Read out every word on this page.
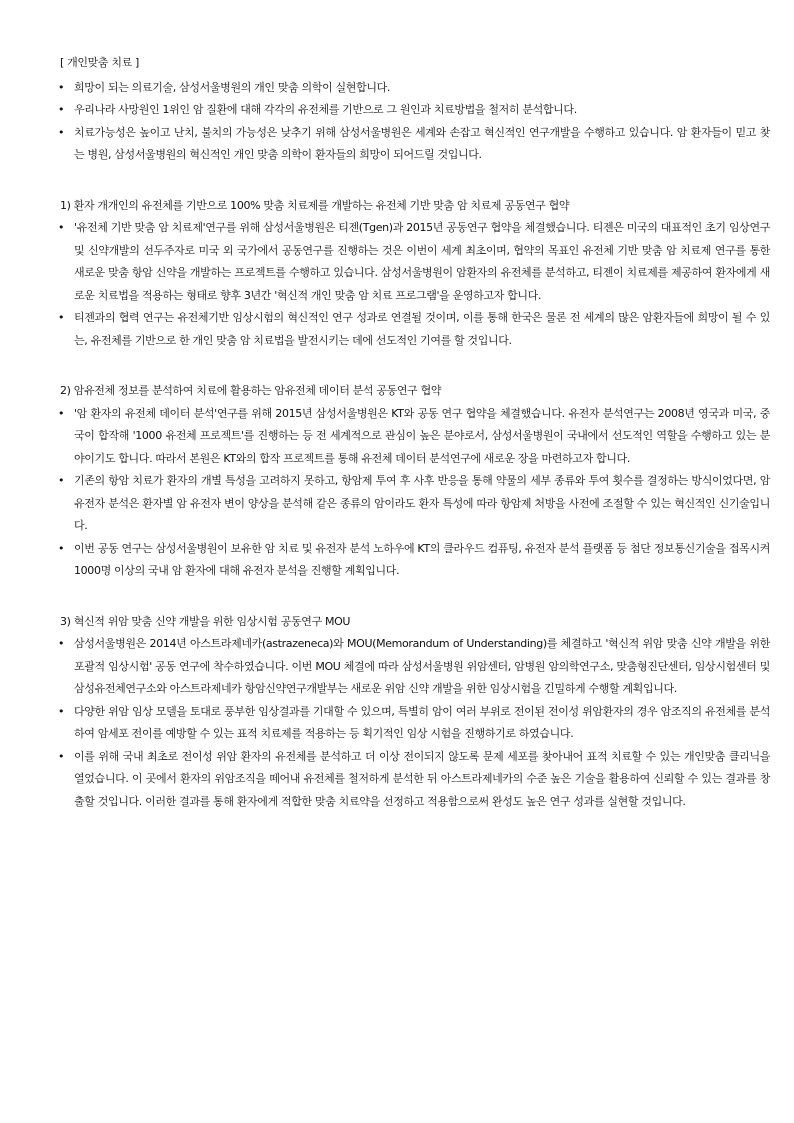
[ 개인맞춤 치료 ]
• 희망이 되는 의료기술, 삼성서울병원의 개인 맞춤 의학이 실현합니다.
• 우리나라 사망원인 1위인 암 질환에 대해 각각의 유전체를 기반으로 그 원인과 치료방법을 철저히 분석합니다.
• 치료가능성은 높이고 난치, 불치의 가능성은 낮추기 위해 삼성서울병원은 세계와 손잡고 혁신적인 연구개발을 수행하고 있습니다. 암 환자들이 믿고 찾는 병원, 삼성서울병원의 혁신적인 개인 맞춤 의학이 환자들의 희망이 되어드릴 것입니다.
1) 환자 개개인의 유전체를 기반으로 100% 맞춤 치료제를 개발하는 유전체 기반 맞춤 암 치료제 공동연구 협약
• '유전체 기반 맞춤 암 치료제'연구를 위해 삼성서울병원은 티젠(Tgen)과 2015년 공동연구 협약을 체결했습니다. 티젠은 미국의 대표적인 초기 임상연구 및 신약개발의 선두주자로 미국 외 국가에서 공동연구를 진행하는 것은 이번이 세계 최초이며, 협약의 목표인 유전체 기반 맞춤 암 치료제 연구를 통한 새로운 맞춤 항암 신약을 개발하는 프로젝트를 수행하고 있습니다. 삼성서울병원이 암환자의 유전체를 분석하고, 티젠이 치료제를 제공하여 환자에게 새로운 치료법을 적용하는 형태로 향후 3년간 '혁신적 개인 맞춤 암 치료 프로그램'을 운영하고자 합니다.
• 티젠과의 협력 연구는 유전체기반 임상시험의 혁신적인 연구 성과로 연결될 것이며, 이를 통해 한국은 물론 전 세계의 많은 암환자들에 희망이 될 수 있는, 유전체를 기반으로 한 개인 맞춤 암 치료법을 발전시키는 데에 선도적인 기여를 할 것입니다.
2) 암유전체 정보를 분석하여 치료에 활용하는 암유전체 데이터 분석 공동연구 협약
• '암 환자의 유전체 데이터 분석'연구를 위해 2015년 삼성서울병원은 KT와 공동 연구 협약을 체결했습니다. 유전자 분석연구는 2008년 영국과 미국, 중국이 합작해 '1000 유전체 프로젝트'를 진행하는 등 전 세계적으로 관심이 높은 분야로서, 삼성서울병원이 국내에서 선도적인 역할을 수행하고 있는 분야이기도 합니다. 따라서 본원은 KT와의 합작 프로젝트를 통해 유전체 데이터 분석연구에 새로운 장을 마련하고자 합니다.
• 기존의 항암 치료가 환자의 개별 특성을 고려하지 못하고, 항암제 투여 후 사후 반응을 통해 약물의 세부 종류와 투여 횟수를 결정하는 방식이었다면, 암유전자 분석은 환자별 암 유전자 변이 양상을 분석해 같은 종류의 암이라도 환자 특성에 따라 항암제 처방을 사전에 조절할 수 있는 혁신적인 신기술입니다.
• 이번 공동 연구는 삼성서울병원이 보유한 암 치료 및 유전자 분석 노하우에 KT의 클라우드 컴퓨팅, 유전자 분석 플랫폼 등 첨단 정보통신기술을 접목시켜 1000명 이상의 국내 암 환자에 대해 유전자 분석을 진행할 계획입니다.
3) 혁신적 위암 맞춤 신약 개발을 위한 임상시험 공동연구 MOU
• 삼성서울병원은 2014년 아스트라제네카(astrazeneca)와 MOU(Memorandum of Understanding)를 체결하고 '혁신적 위암 맞춤 신약 개발을 위한 포괄적 임상시험' 공동 연구에 착수하였습니다. 이번 MOU 체결에 따라 삼성서울병원 위암센터, 암병원 암의학연구소, 맞춤형진단센터, 임상시험센터 및 삼성유전체연구소와 아스트라제네카 항암신약연구개발부는 새로운 위암 신약 개발을 위한 임상시험을 긴밀하게 수행할 계획입니다.
• 다양한 위암 임상 모델을 토대로 풍부한 임상결과를 기대할 수 있으며, 특별히 암이 여러 부위로 전이된 전이성 위암환자의 경우 암조직의 유전체를 분석하여 암세포 전이를 예방할 수 있는 표적 치료제를 적용하는 등 획기적인 임상 시험을 진행하기로 하였습니다.
• 이를 위해 국내 최초로 전이성 위암 환자의 유전체를 분석하고 더 이상 전이되지 않도록 문제 세포를 찾아내어 표적 치료할 수 있는 개인맞춤 클리닉을 열었습니다. 이 곳에서 환자의 위암조직을 떼어내 유전체를 철저하게 분석한 뒤 아스트라제네카의 수준 높은 기술을 활용하여 신뢰할 수 있는 결과를 창출할 것입니다. 이러한 결과를 통해 환자에게 적합한 맞춤 치료약을 선정하고 적용함으로써 완성도 높은 연구 성과를 실현할 것입니다.
